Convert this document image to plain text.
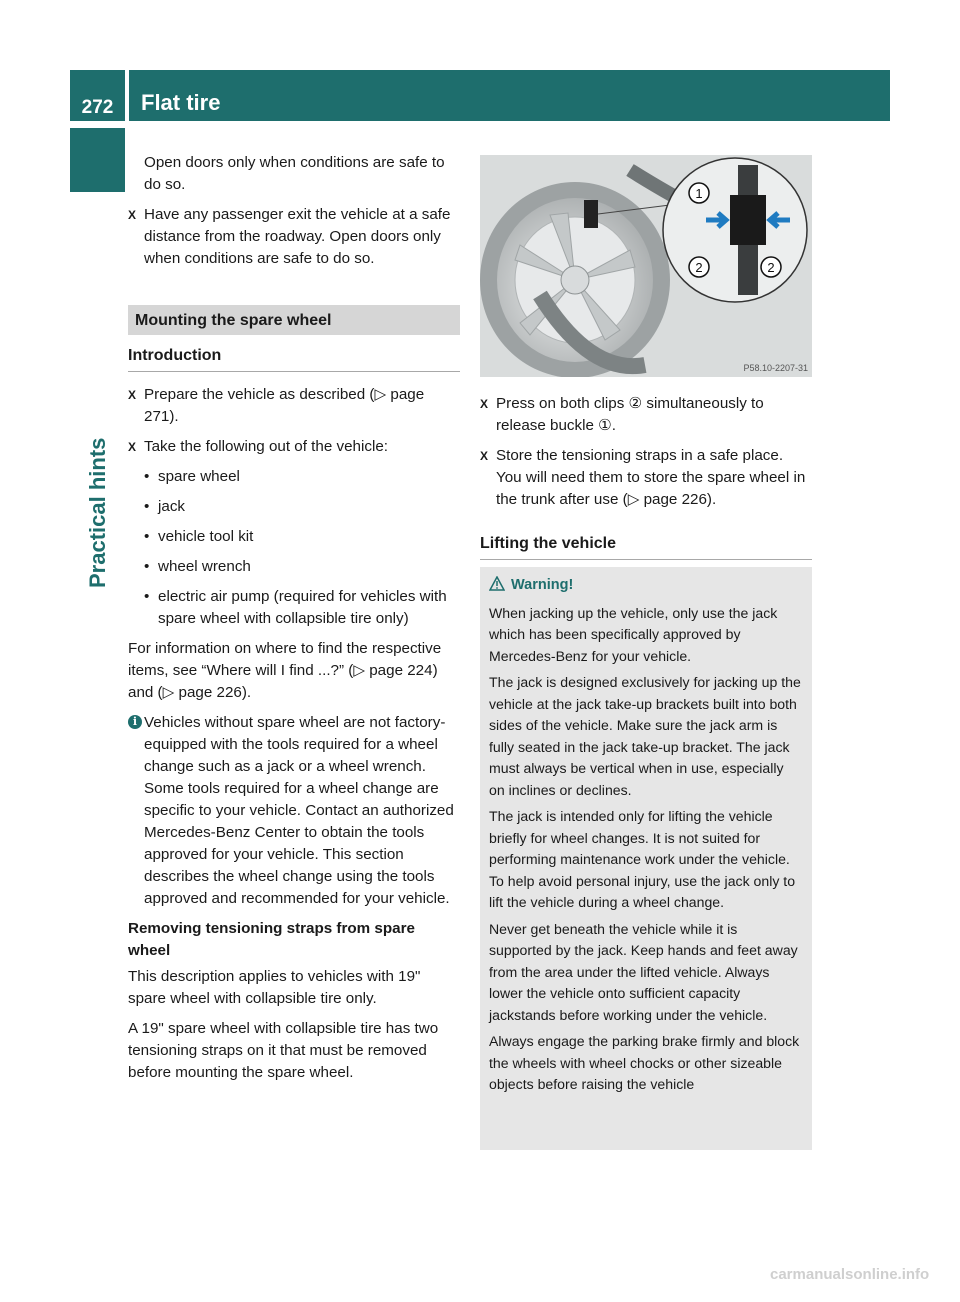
272	Flat tire
Practical hints

Open doors only when conditions are safe to do so.

X Have any passenger exit the vehicle at a safe distance from the roadway. Open doors only when conditions are safe to do so.
Mounting the spare wheel
Introduction
X Prepare the vehicle as described (▷ page 271).
X Take the following out of the vehicle:
• spare wheel
• jack
• vehicle tool kit
• wheel wrench
• electric air pump (required for vehicles with spare wheel with collapsible tire only)

For information on where to find the respective items, see “Where will I find ...?” (▷ page 224) and (▷ page 226).

i Vehicles without spare wheel are not factory-equipped with the tools required for a wheel change such as a jack or a wheel wrench. Some tools required for a wheel change are specific to your vehicle. Contact an authorized Mercedes-Benz Center to obtain the tools approved for your vehicle. This section describes the wheel change using the tools approved and recommended for your vehicle.

Removing tensioning straps from spare wheel

This description applies to vehicles with 19" spare wheel with collapsible tire only.

A 19" spare wheel with collapsible tire has two tensioning straps on it that must be removed before mounting the spare wheel.

1
2	2
P58.10-2207-31
X Press on both clips ② simultaneously to release buckle ①.
X Store the tensioning straps in a safe place. You will need them to store the spare wheel in the trunk after use (▷ page 226).
Lifting the vehicle
Warning!

When jacking up the vehicle, only use the jack which has been specifically approved by Mercedes-Benz for your vehicle.

The jack is designed exclusively for jacking up the vehicle at the jack take-up brackets built into both sides of the vehicle. Make sure the jack arm is fully seated in the jack take-up bracket. The jack must always be vertical when in use, especially on inclines or declines.

The jack is intended only for lifting the vehicle briefly for wheel changes. It is not suited for performing maintenance work under the vehicle. To help avoid personal injury, use the jack only to lift the vehicle during a wheel change.

Never get beneath the vehicle while it is supported by the jack. Keep hands and feet away from the area under the lifted vehicle. Always lower the vehicle onto sufficient capacity jackstands before working under the vehicle.

Always engage the parking brake firmly and block the wheels with wheel chocks or other sizeable objects before raising the vehicle

carmanualsonline.info
